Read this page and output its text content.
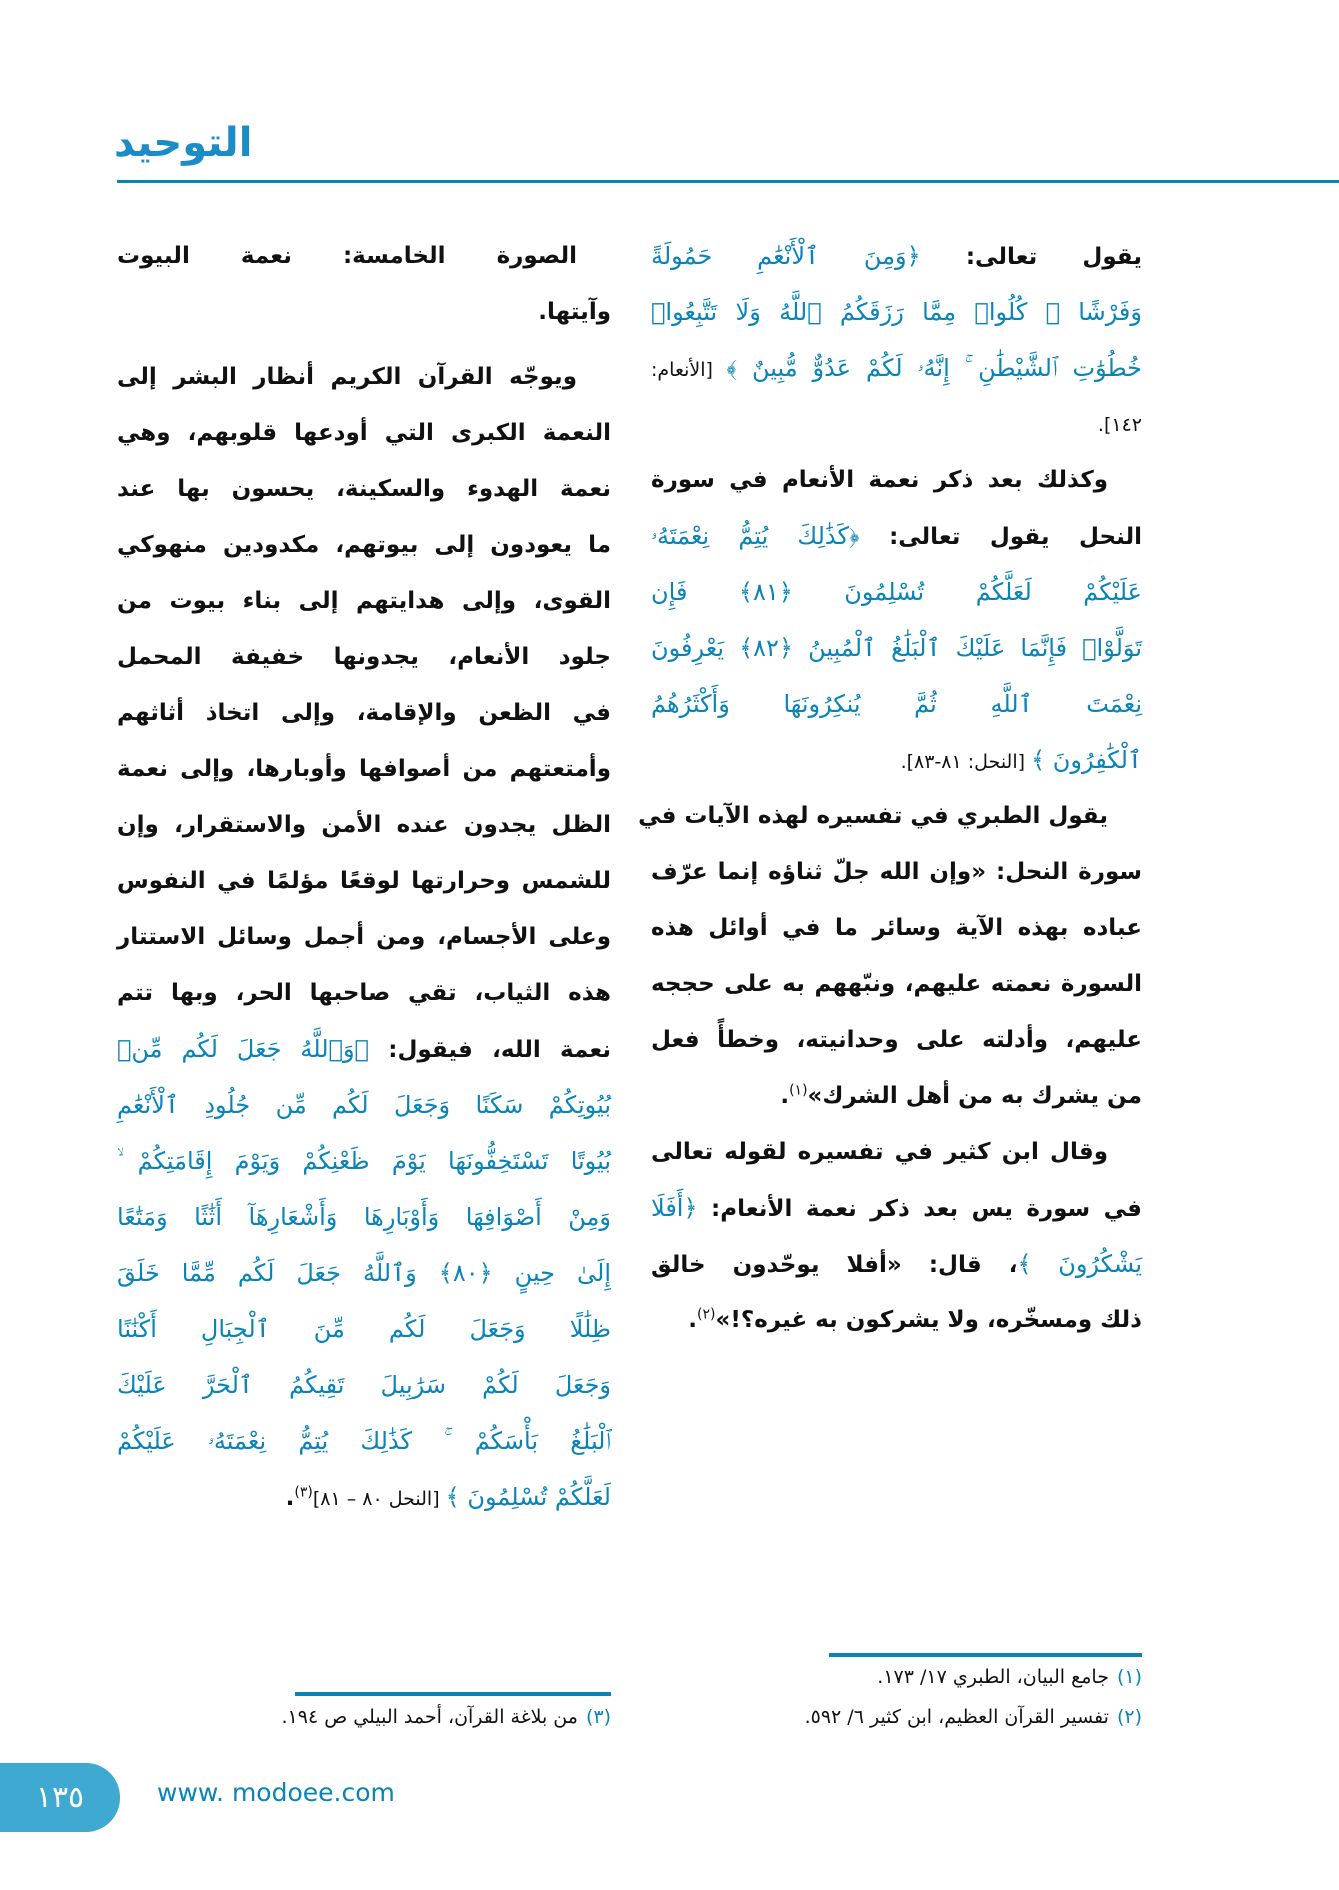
التوحيد
يقول تعالى: ﴿وَمِنَ ٱلْأَنْعَٰمِ حَمُولَةً
وَفَرْشًا ۚ كُلُوا۟ مِمَّا رَزَقَكُمُ ٱللَّهُ وَلَا تَتَّبِعُوا۟
خُطُوَٰتِ ٱلشَّيْطَٰنِ ۚ إِنَّهُۥ لَكُمْ عَدُوٌّ مُّبِينٌ ﴾ [الأنعام:
١٤٢].
وكذلك بعد ذكر نعمة الأنعام في سورة
النحل يقول تعالى: ﴿كَذَٰلِكَ يُتِمُّ نِعْمَتَهُۥ
عَلَيْكُمْ لَعَلَّكُمْ تُسْلِمُونَ ﴿٨١﴾ فَإِن
تَوَلَّوْا۟ فَإِنَّمَا عَلَيْكَ ٱلْبَلَٰغُ ٱلْمُبِينُ ﴿٨٢﴾ يَعْرِفُونَ
نِعْمَتَ ٱللَّهِ ثُمَّ يُنكِرُونَهَا وَأَكْثَرُهُمُ
ٱلْكَٰفِرُونَ ﴾ [النحل: ٨١-٨٣].
يقول الطبري في تفسيره لهذه الآيات في
سورة النحل: «وإن الله جلّ ثناؤه إنما عرّف
عباده بهذه الآية وسائر ما في أوائل هذه
السورة نعمته عليهم، ونبّههم به على حججه
عليهم، وأدلته على وحدانيته، وخطأً فعل
من يشرك به من أهل الشرك»$^{(١)}$.
وقال ابن كثير في تفسيره لقوله تعالى
في سورة يس بعد ذكر نعمة الأنعام: ﴿أَفَلَا
يَشْكُرُونَ ﴾، قال: «أفلا يوحّدون خالق
ذلك ومسخّره، ولا يشركون به غيره؟!»$^{(٢)}$.
الصورة الخامسة: نعمة البيوت
وآيتها.
ويوجّه القرآن الكريم أنظار البشر إلى
النعمة الكبرى التي أودعها قلوبهم، وهي
نعمة الهدوء والسكينة، يحسون بها عند
ما يعودون إلى بيوتهم، مكدودين منهوكي
القوى، وإلى هدايتهم إلى بناء بيوت من
جلود الأنعام، يجدونها خفيفة المحمل
في الظعن والإقامة، وإلى اتخاذ أثاثهم
وأمتعتهم من أصوافها وأوبارها، وإلى نعمة
الظل يجدون عنده الأمن والاستقرار، وإن
للشمس وحرارتها لوقعًا مؤلمًا في النفوس
وعلى الأجسام، ومن أجمل وسائل الاستتار
هذه الثياب، تقي صاحبها الحر، وبها تتم
نعمة الله، فيقول: ﴿وَٱللَّهُ جَعَلَ لَكُم مِّنۢ
بُيُوتِكُمْ سَكَنًا وَجَعَلَ لَكُم مِّن جُلُودِ ٱلْأَنْعَٰمِ
بُيُوتًا تَسْتَخِفُّونَهَا يَوْمَ ظَعْنِكُمْ وَيَوْمَ إِقَامَتِكُمْ ۙ
وَمِنْ أَصْوَافِهَا وَأَوْبَارِهَا وَأَشْعَارِهَآ أَثَٰثًا وَمَتَٰعًا
إِلَىٰ حِينٍ ﴿٨٠﴾ وَٱللَّهُ جَعَلَ لَكُم مِّمَّا خَلَقَ
ظِلَٰلًا وَجَعَلَ لَكُم مِّنَ ٱلْجِبَالِ أَكْنَٰنًا
وَجَعَلَ لَكُمْ سَرَٰبِيلَ تَقِيكُمُ ٱلْحَرَّ عَلَيْكَ
ٱلْبَلَٰغُ بَأْسَكُمْ ۚ كَذَٰلِكَ يُتِمُّ نِعْمَتَهُۥ عَلَيْكُمْ
لَعَلَّكُمْ تُسْلِمُونَ ﴾ [النحل ٨٠ – ٨١]$^{(٣)}$.
(١)جامع البيان، الطبري ١٧/ ١٧٣.
(٢)تفسير القرآن العظيم، ابن كثير ٦/ ٥٩٢.
(٣)من بلاغة القرآن، أحمد البيلي ص ١٩٤.
١٣٥	www. modoee.com
